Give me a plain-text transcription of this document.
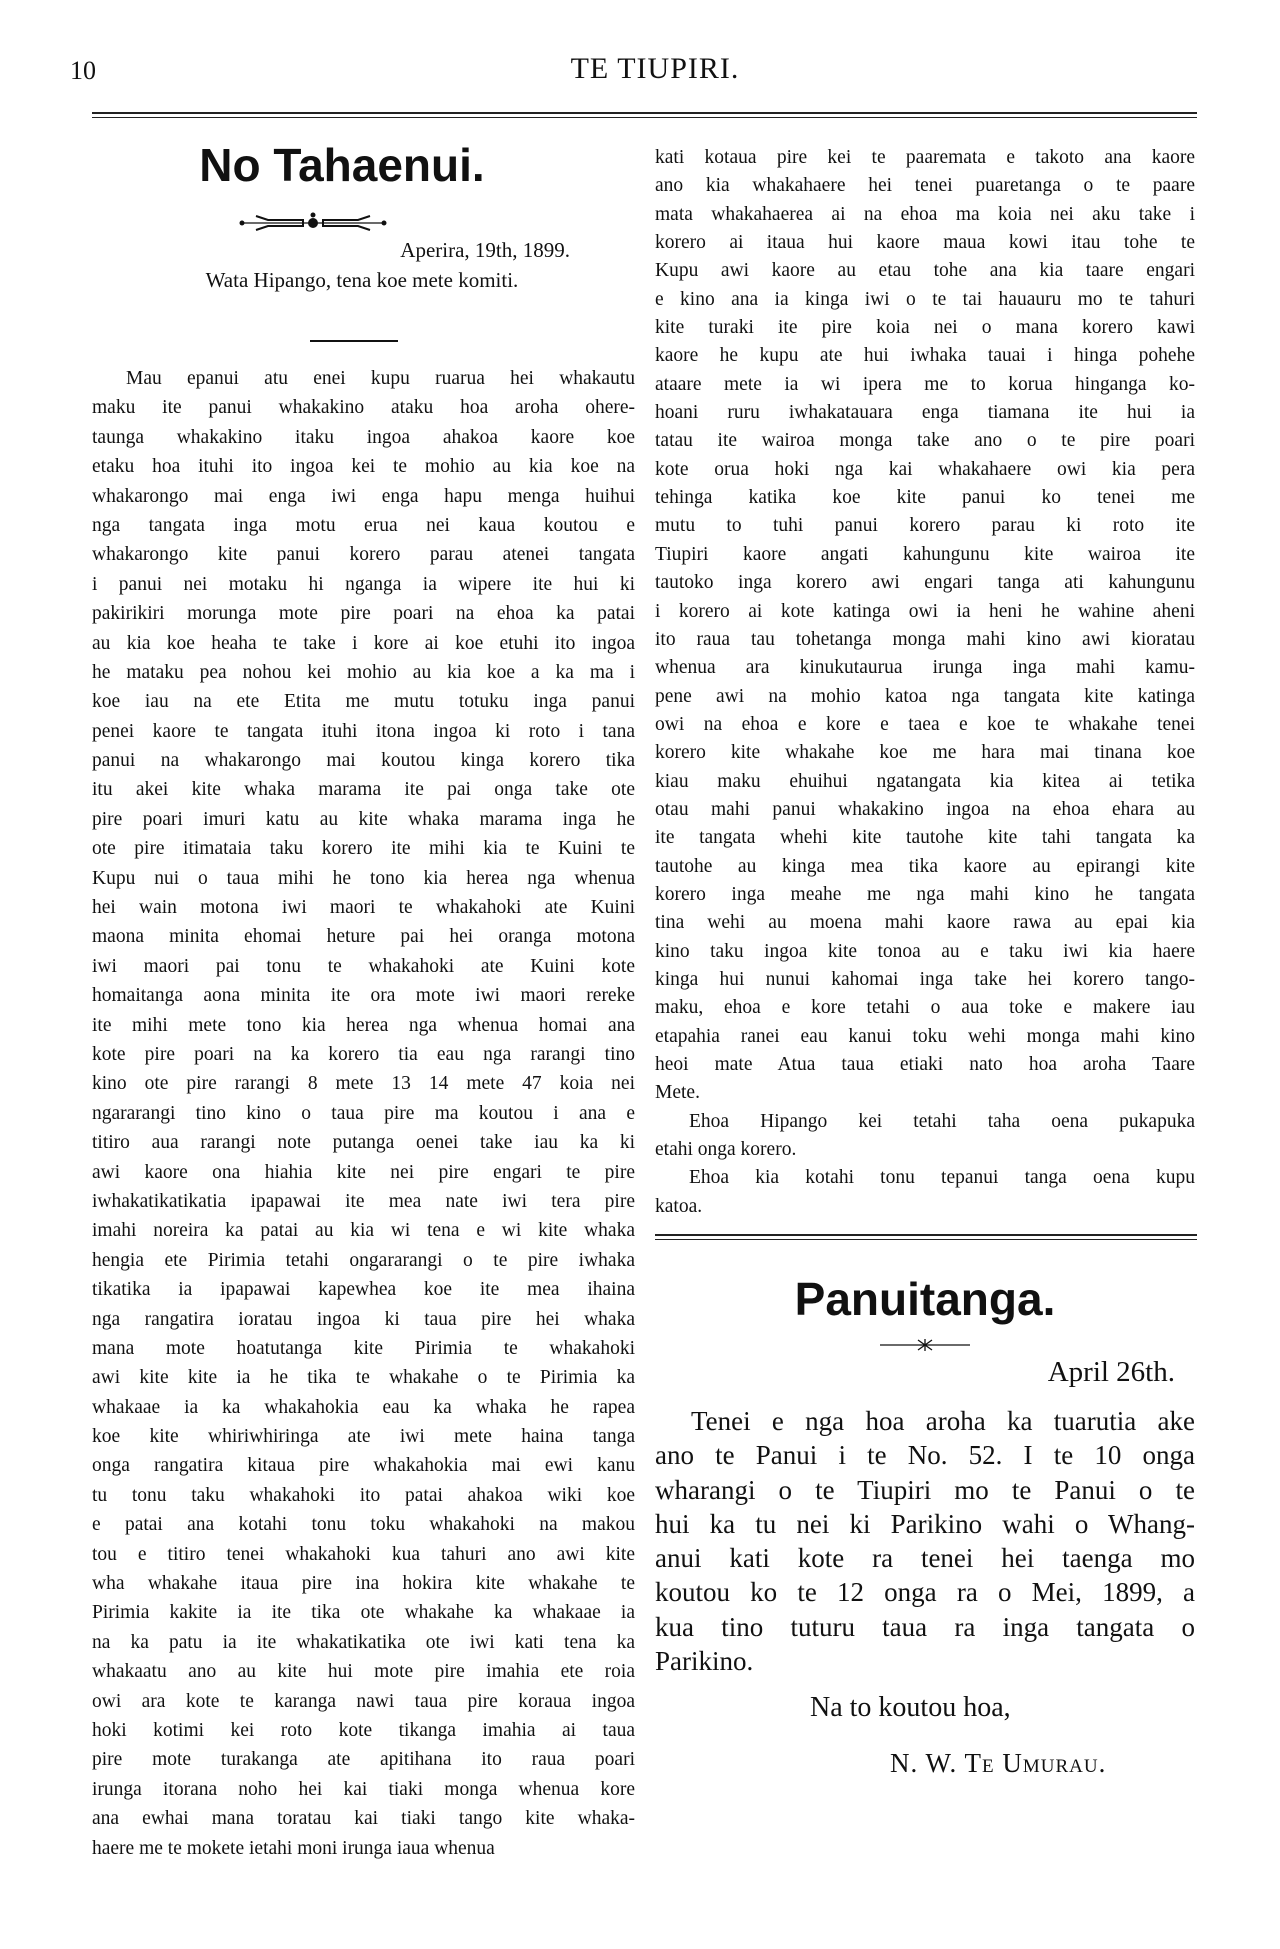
10	TE TIUPIRI.
No Tahaenui.
Aperira, 19th, 1899.
Wata Hipango, tena koe mete komiti.
Mau epanui atu enei kupu ruarua hei whakautu
maku ite panui whakakino ataku hoa aroha ohere-
taunga whakakino itaku ingoa ahakoa kaore koe
etaku hoa ituhi ito ingoa kei te mohio au kia koe na
whakarongo mai enga iwi enga hapu menga huihui
nga tangata inga motu erua nei kaua koutou e
whakarongo kite panui korero parau atenei tangata
i panui nei motaku hi nganga ia wipere ite hui ki
pakirikiri morunga mote pire poari na ehoa ka patai
au kia koe heaha te take i kore ai koe etuhi ito ingoa
he mataku pea nohou kei mohio au kia koe a ka ma i
koe iau na ete Etita me mutu totuku inga panui
penei kaore te tangata ituhi itona ingoa ki roto i tana
panui na whakarongo mai koutou kinga korero tika
itu akei kite whaka marama ite pai onga take ote
pire poari imuri katu au kite whaka marama inga he
ote pire itimataia taku korero ite mihi kia te Kuini te
Kupu nui o taua mihi he tono kia herea nga whenua
hei wain motona iwi maori te whakahoki ate Kuini
maona minita ehomai heture pai hei oranga motona
iwi maori pai tonu te whakahoki ate Kuini kote
homaitanga aona minita ite ora mote iwi maori rereke
ite mihi mete tono kia herea nga whenua homai ana
kote pire poari na ka korero tia eau nga rarangi tino
kino ote pire rarangi 8 mete 13 14 mete 47 koia nei
ngararangi tino kino o taua pire ma koutou i ana e
titiro aua rarangi note putanga oenei take iau ka ki
awi kaore ona hiahia kite nei pire engari te pire
iwhakatikatikatia ipapawai ite mea nate iwi tera pire
imahi noreira ka patai au kia wi tena e wi kite whaka
hengia ete Pirimia tetahi ongararangi o te pire iwhaka
tikatika ia ipapawai kapewhea koe ite mea ihaina
nga rangatira ioratau ingoa ki taua pire hei whaka
mana mote hoatutanga kite Pirimia te whakahoki
awi kite kite ia he tika te whakahe o te Pirimia ka
whakaae ia ka whakahokia eau ka whaka he rapea
koe kite whiriwhiringa ate iwi mete haina tanga
onga rangatira kitaua pire whakahokia mai ewi kanu
tu tonu taku whakahoki ito patai ahakoa wiki koe
e patai ana kotahi tonu toku whakahoki na makou
tou e titiro tenei whakahoki kua tahuri ano awi kite
wha whakahe itaua pire ina hokira kite whakahe te
Pirimia kakite ia ite tika ote whakahe ka whakaae ia
na ka patu ia ite whakatikatika ote iwi kati tena ka
whakaatu ano au kite hui mote pire imahia ete roia
owi ara kote te karanga nawi taua pire koraua ingoa
hoki kotimi kei roto kote tikanga imahia ai taua
pire mote turakanga ate apitihana ito raua poari
irunga itorana noho hei kai tiaki monga whenua kore
ana ewhai mana toratau kai tiaki tango kite whaka-
haere me te mokete ietahi moni irunga iaua whenua
kati kotaua pire kei te paaremata e takoto ana kaore
ano kia whakahaere hei tenei puaretanga o te paare
mata whakahaerea ai na ehoa ma koia nei aku take i
korero ai itaua hui kaore maua kowi itau tohe te
Kupu awi kaore au etau tohe ana kia taare engari
e kino ana ia kinga iwi o te tai hauauru mo te tahuri
kite turaki ite pire koia nei o mana korero kawi
kaore he kupu ate hui iwhaka tauai i hinga pohehe
ataare mete ia wi ipera me to korua hinganga ko-
hoani ruru iwhakatauara enga tiamana ite hui ia
tatau ite wairoa monga take ano o te pire poari
kote orua hoki nga kai whakahaere owi kia pera
tehinga katika koe kite panui ko tenei me
mutu to tuhi panui korero parau ki roto ite
Tiupiri kaore angati kahungunu kite wairoa ite
tautoko inga korero awi engari tanga ati kahungunu
i korero ai kote katinga owi ia heni he wahine aheni
ito raua tau tohetanga monga mahi kino awi kioratau
whenua ara kinukutaurua irunga inga mahi kamu-
pene awi na mohio katoa nga tangata kite katinga
owi na ehoa e kore e taea e koe te whakahe tenei
korero kite whakahe koe me hara mai tinana koe
kiau maku ehuihui ngatangata kia kitea ai tetika
otau mahi panui whakakino ingoa na ehoa ehara au
ite tangata whehi kite tautohe kite tahi tangata ka
tautohe au kinga mea tika kaore au epirangi kite
korero inga meahe me nga mahi kino he tangata
tina wehi au moena mahi kaore rawa au epai kia
kino taku ingoa kite tonoa au e taku iwi kia haere
kinga hui nunui kahomai inga take hei korero tango-
maku, ehoa e kore tetahi o aua toke e makere iau
etapahia ranei eau kanui toku wehi monga mahi kino
heoi mate Atua taua etiaki nato hoa aroha Taare
Mete.
Ehoa Hipango kei tetahi taha oena pukapuka
etahi onga korero.
Ehoa kia kotahi tonu tepanui tanga oena kupu
katoa.
Panuitanga.
April 26th.
Tenei e nga hoa aroha ka tuarutia ake
ano te Panui i te No. 52. I te 10 onga
wharangi o te Tiupiri mo te Panui o te
hui ka tu nei ki Parikino wahi o Whang-
anui kati kote ra tenei hei taenga mo
koutou ko te 12 onga ra o Mei, 1899, a
kua tino tuturu taua ra inga tangata o
Parikino.
Na to koutou hoa,
N. W. Te Umurau.
